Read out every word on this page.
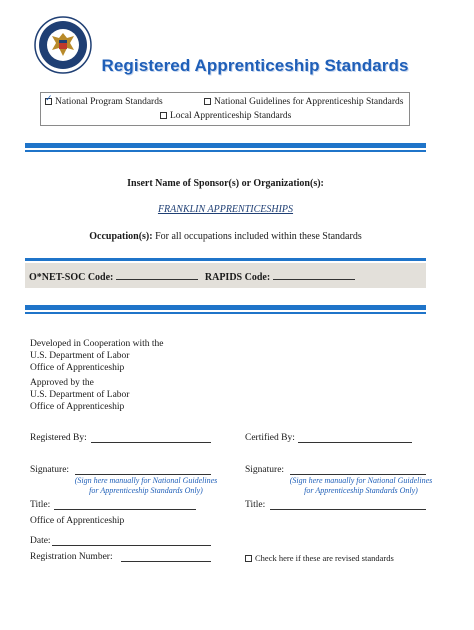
Registered Apprenticeship Standards
✓National Program Standards	National Guidelines for Apprenticeship Standards
Local Apprenticeship Standards
Insert Name of Sponsor(s) or Organization(s):
FRANKLIN APPRENTICESHIPS
Occupation(s): For all occupations included within these Standards
O*NET-SOC Code:	RAPIDS Code:
Developed in Cooperation with the
U.S. Department of Labor
Office of Apprenticeship
Approved by the
U.S. Department of Labor
Office of Apprenticeship
Registered By:
Signature:
(Sign here manually for National Guidelines
for Apprenticeship Standards Only)
Title:
Office of Apprenticeship
Date:
Registration Number:
Certified By:
Signature:
(Sign here manually for National Guidelines
for Apprenticeship Standards Only)
Title:
Check here if these are revised standards
